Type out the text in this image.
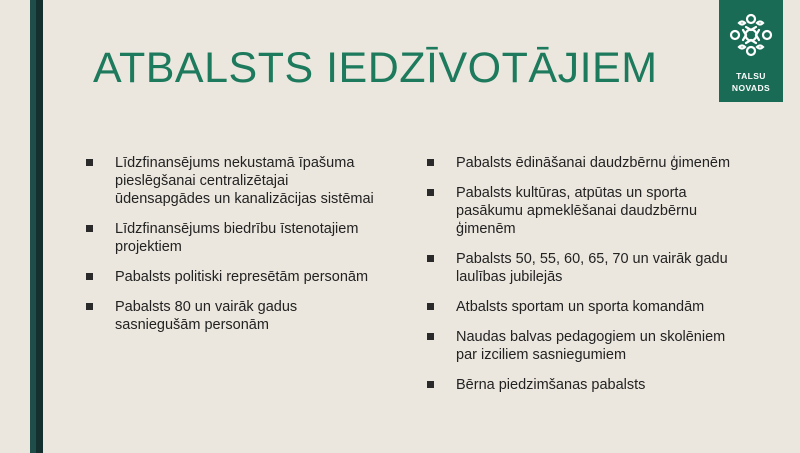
ATBALSTS IEDZĪVOTĀJIEM	TALSU
NOVADS
Līdzfinansējums nekustamā īpašuma pieslēgšanai centralizētajai ūdensapgādes un kanalizācijas sistēmai
Līdzfinansējums biedrību īstenotajiem projektiem
Pabalsts politiski represētām personām
Pabalsts 80 un vairāk gadus sasniegušām personām
Pabalsts ēdināšanai daudzbērnu ģimenēm
Pabalsts kultūras, atpūtas un sporta pasākumu apmeklēšanai daudzbērnu ģimenēm
Pabalsts 50, 55, 60, 65, 70 un vairāk gadu laulības jubilejās
Atbalsts sportam un sporta komandām
Naudas balvas pedagogiem un skolēniem par izciliem sasniegumiem
Bērna piedzimšanas pabalsts
